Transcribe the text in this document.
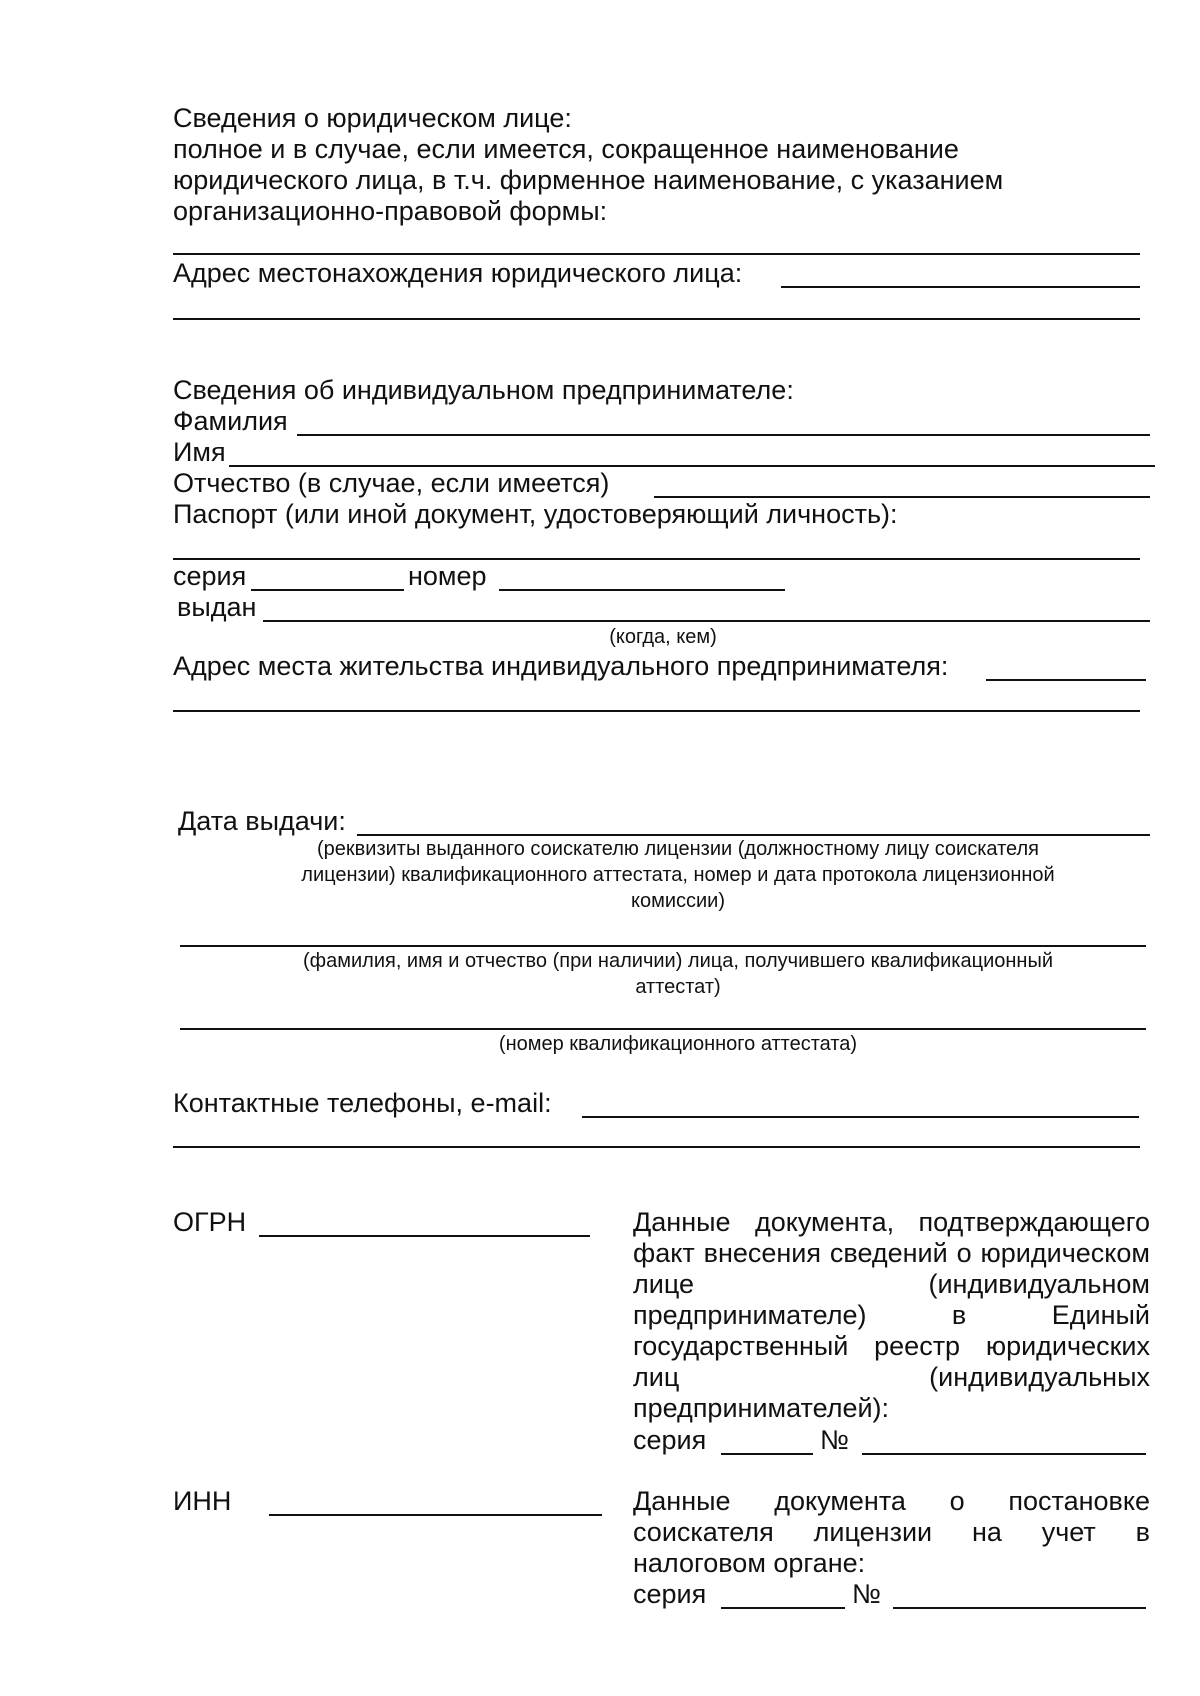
Сведения о юридическом лице:
полное и в случае, если имеется, сокращенное наименование
юридического лица, в т.ч. фирменное наименование, с указанием
организационно-правовой формы:
Адрес местонахождения юридического лица:
Сведения об индивидуальном предпринимателе:
Фамилия
Имя
Отчество (в случае, если имеется)
Паспорт (или иной документ, удостоверяющий личность):
серия	номер
выдан
(когда, кем)
Адрес места жительства индивидуального предпринимателя:
Дата выдачи:
(реквизиты выданного соискателю лицензии (должностному лицу соискателя
лицензии) квалификационного аттестата, номер и дата протокола лицензионной
комиссии)
(фамилия, имя и отчество (при наличии) лица, получившего квалификационный
аттестат)
(номер квалификационного аттестата)
Контактные телефоны, e-mail:
ОГРН	Данные документа, подтверждающего факт внесения сведений о юридическом лице (индивидуальном предпринимателе) в Единый государственный реестр юридических лиц (индивидуальных предпринимателей):
серия	№
ИНН	Данные документа о постановке соискателя лицензии на учет в налоговом органе:
серия	№
